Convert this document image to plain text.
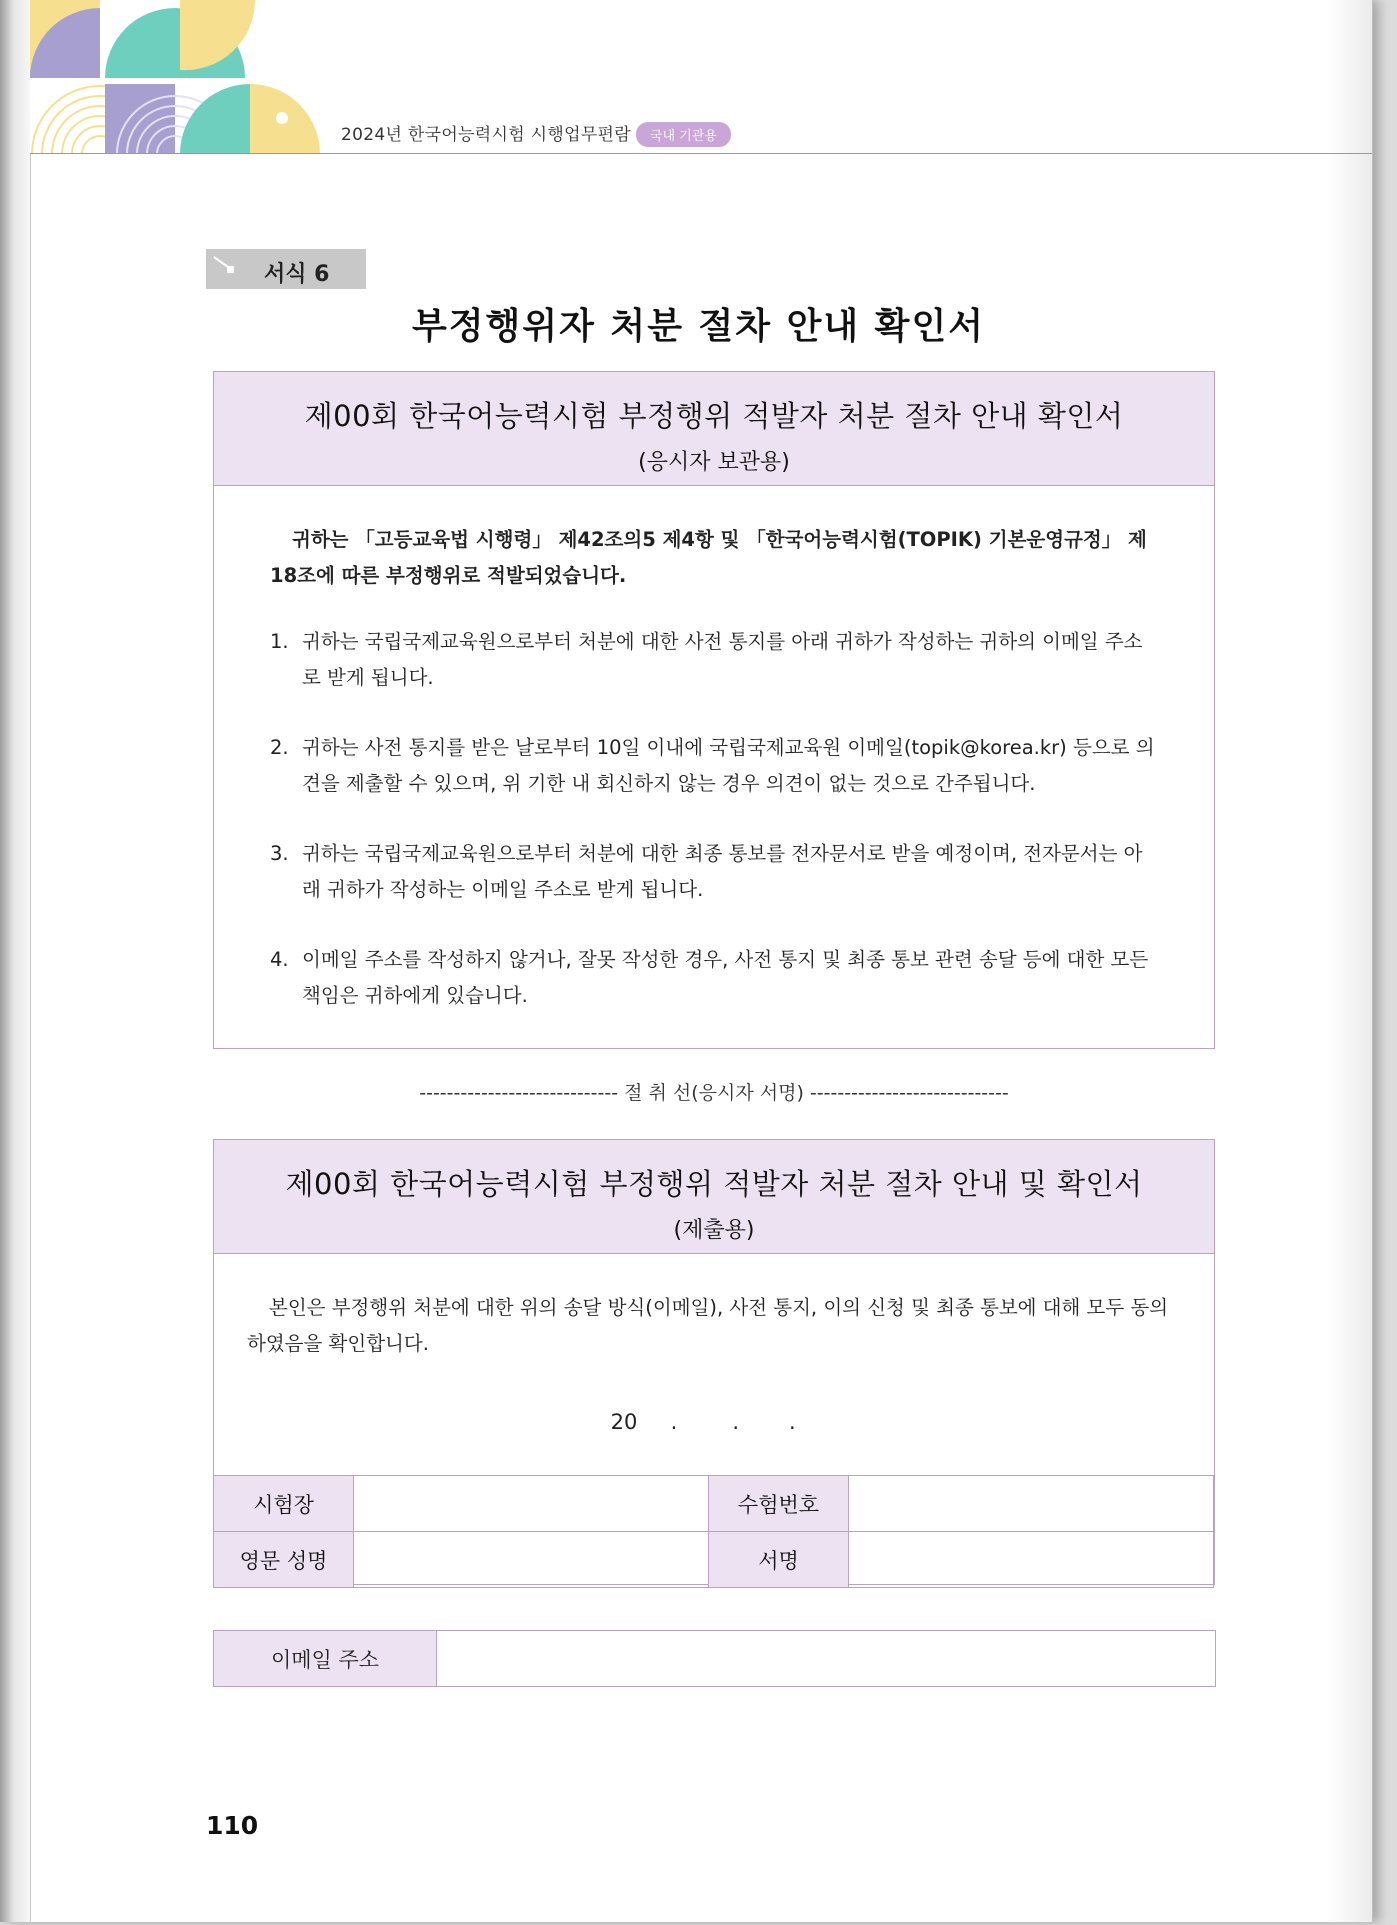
2024년 한국어능력시험 시행업무편람	국내 기관용
서식 6
부정행위자 처분 절차 안내 확인서
제00회 한국어능력시험 부정행위 적발자 처분 절차 안내 확인서
(응시자 보관용)
귀하는 「고등교육법 시행령」 제42조의5 제4항 및 「한국어능력시험(TOPIK) 기본운영규정」 제18조에 따른 부정행위로 적발되었습니다.
1. 귀하는 국립국제교육원으로부터 처분에 대한 사전 통지를 아래 귀하가 작성하는 귀하의 이메일 주소로 받게 됩니다.
2. 귀하는 사전 통지를 받은 날로부터 10일 이내에 국립국제교육원 이메일(topik@korea.kr) 등으로 의견을 제출할 수 있으며, 위 기한 내 회신하지 않는 경우 의견이 없는 것으로 간주됩니다.
3. 귀하는 국립국제교육원으로부터 처분에 대한 최종 통보를 전자문서로 받을 예정이며, 전자문서는 아래 귀하가 작성하는 이메일 주소로 받게 됩니다.
4. 이메일 주소를 작성하지 않거나, 잘못 작성한 경우, 사전 통지 및 최종 통보 관련 송달 등에 대한 모든 책임은 귀하에게 있습니다.
----------------------------- 절 취 선(응시자 서명) -----------------------------
제00회 한국어능력시험 부정행위 적발자 처분 절차 안내 및 확인서
(제출용)
본인은 부정행위 처분에 대한 위의 송달 방식(이메일), 사전 통지, 이의 신청 및 최종 통보에 대해 모두 동의하였음을 확인합니다.
20 .	. .
시험장		수험번호	
영문 성명		서명	
이메일 주소	
110
